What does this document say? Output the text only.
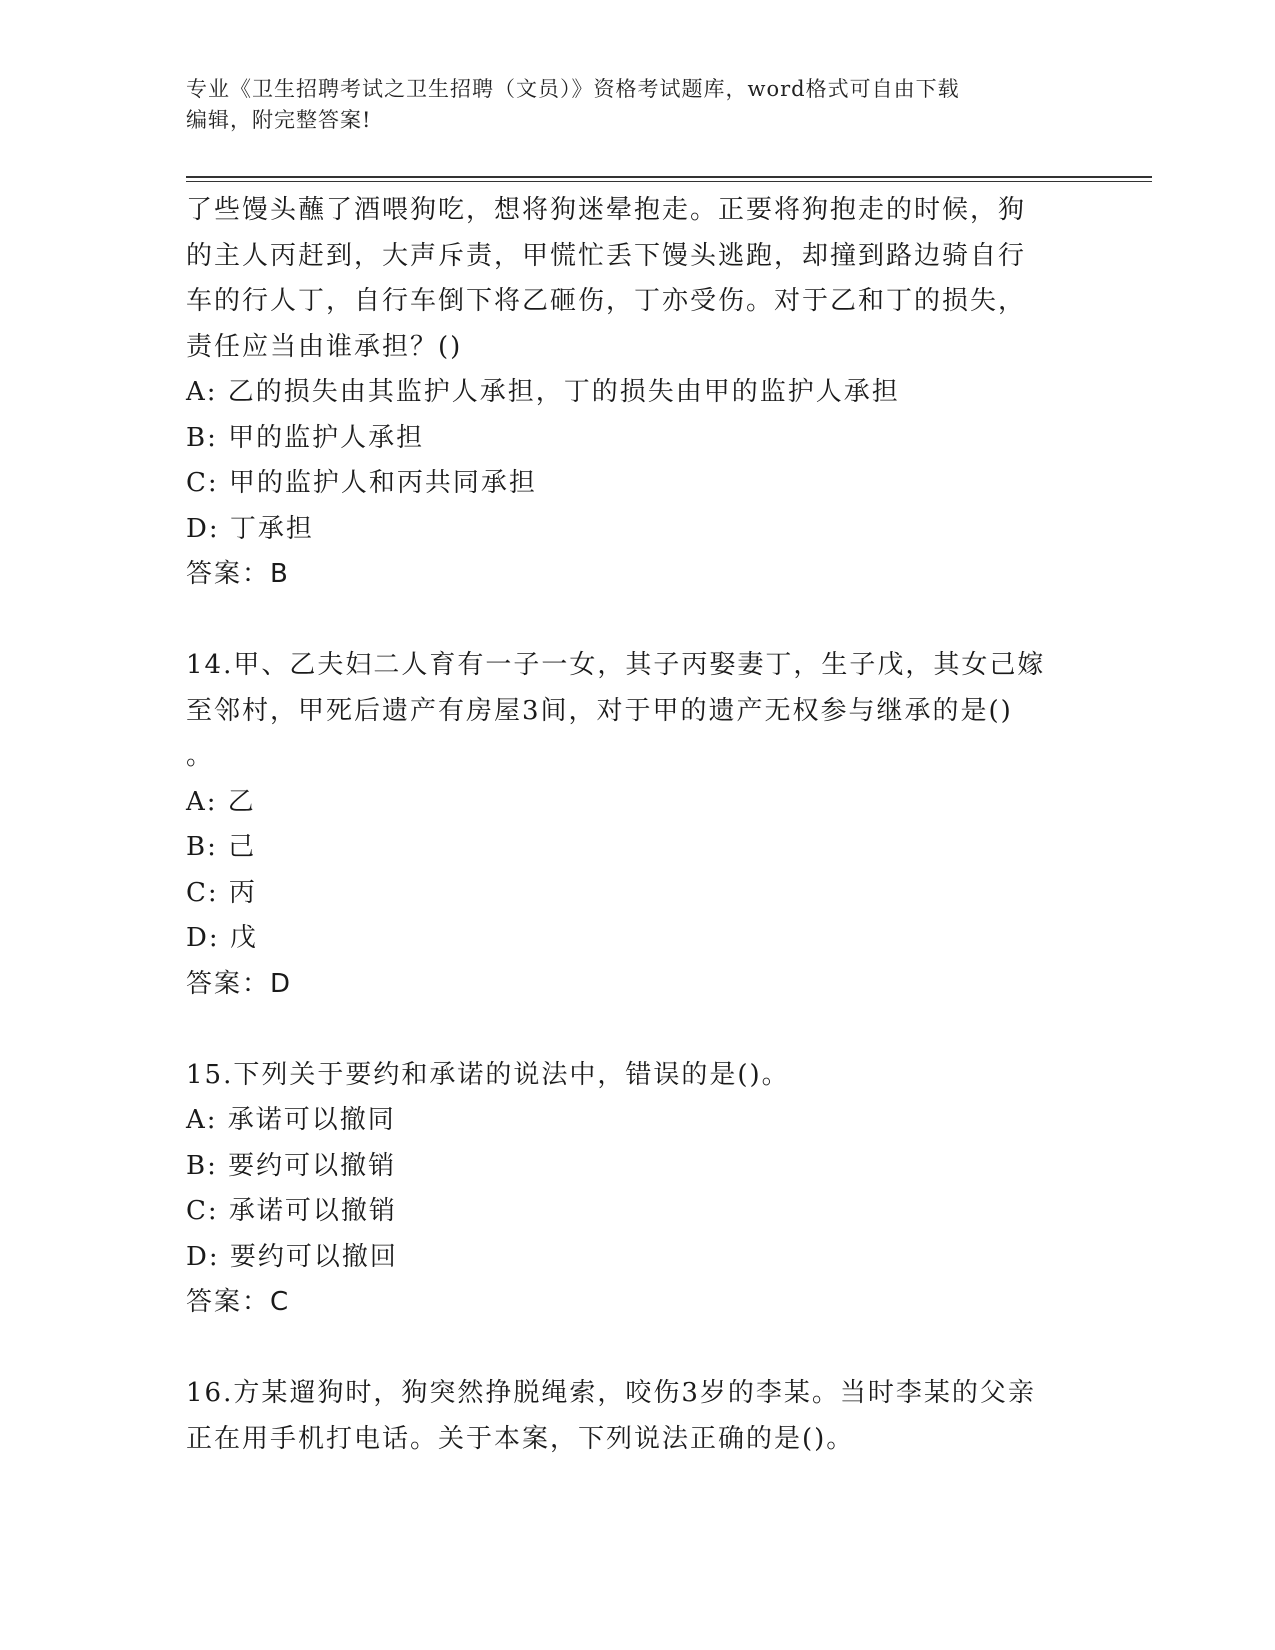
专业《卫生招聘考试之卫生招聘（文员）》资格考试题库，word格式可自由下载
编辑，附完整答案!
了些馒头蘸了酒喂狗吃，想将狗迷晕抱走。正要将狗抱走的时候，狗
的主人丙赶到，大声斥责，甲慌忙丢下馒头逃跑，却撞到路边骑自行
车的行人丁，自行车倒下将乙砸伤，丁亦受伤。对于乙和丁的损失，
责任应当由谁承担？()
A: 乙的损失由其监护人承担，丁的损失由甲的监护人承担
B: 甲的监护人承担
C: 甲的监护人和丙共同承担
D: 丁承担
答案：B
14.甲、乙夫妇二人育有一子一女，其子丙娶妻丁，生子戊，其女己嫁
至邻村，甲死后遗产有房屋3间，对于甲的遗产无权参与继承的是()
。
A: 乙
B: 己
C: 丙
D: 戊
答案：D
15.下列关于要约和承诺的说法中，错误的是()。
A: 承诺可以撤同
B: 要约可以撤销
C: 承诺可以撤销
D: 要约可以撤回
答案：C
16.方某遛狗时，狗突然挣脱绳索，咬伤3岁的李某。当时李某的父亲
正在用手机打电话。关于本案，下列说法正确的是()。
